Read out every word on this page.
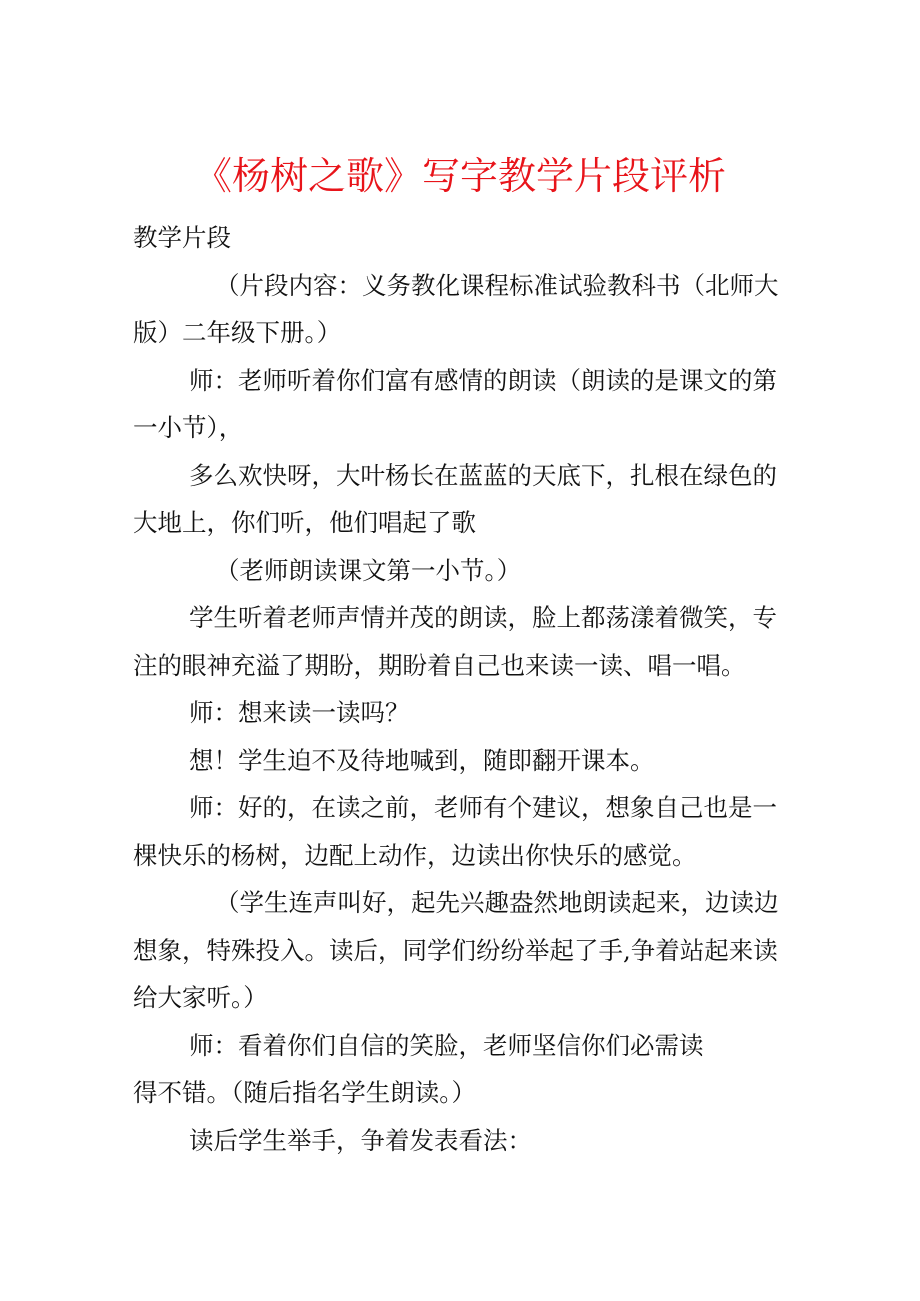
《杨树之歌》写字教学片段评析

教学片段

（片段内容：义务教化课程标准试验教科书（北师大版）二年级下册。）

师：老师听着你们富有感情的朗读（朗读的是课文的第一小节），

多么欢快呀，大叶杨长在蓝蓝的天底下，扎根在绿色的大地上，你们听，他们唱起了歌

（老师朗读课文第一小节。）

学生听着老师声情并茂的朗读，脸上都荡漾着微笑，专注的眼神充溢了期盼，期盼着自己也来读一读、唱一唱。

师：想来读一读吗？

想！学生迫不及待地喊到，随即翻开课本。

师：好的，在读之前，老师有个建议，想象自己也是一棵快乐的杨树，边配上动作，边读出你快乐的感觉。

（学生连声叫好，起先兴趣盎然地朗读起来，边读边想象，特殊投入。读后，同学们纷纷举起了手,争着站起来读给大家听。）

师：看着你们自信的笑脸，老师坚信你们必需读

得不错。（随后指名学生朗读。）

读后学生举手，争着发表看法：
